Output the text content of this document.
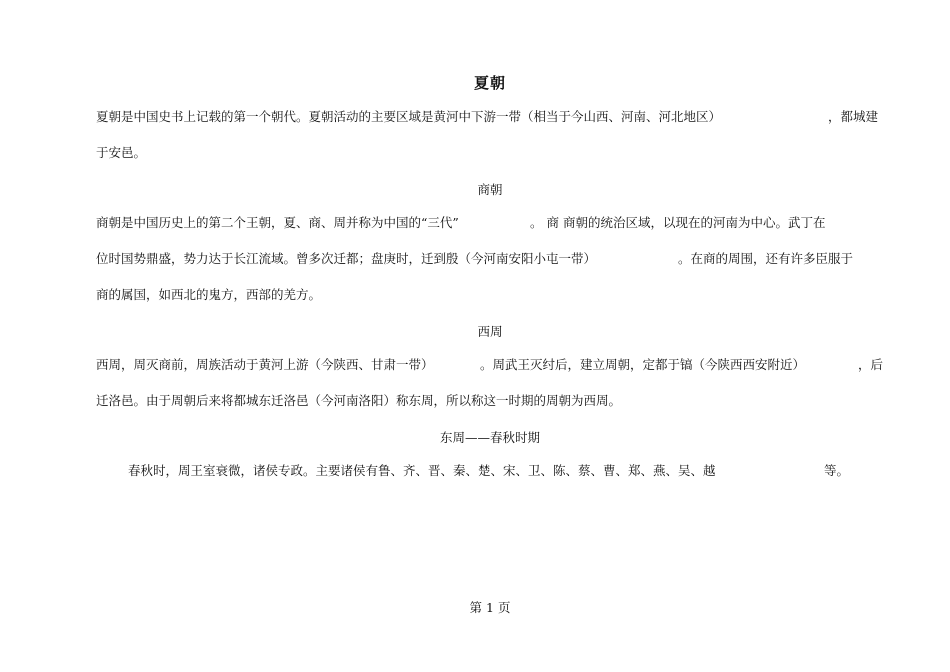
夏朝
夏朝是中国史书上记载的第一个朝代。夏朝活动的主要区域是黄河中下游一带（相当于今山西、河南、河北地区）	，都城建
于安邑。
商朝
商朝是中国历史上的第二个王朝，夏、商、周并称为中国的“三代”	。 商 商朝的统治区域，以现在的河南为中心。武丁在
位时国势鼎盛，势力达于长江流域。曾多次迁都；盘庚时，迁到殷（今河南安阳小屯一带）	。在商的周围，还有许多臣服于
商的属国，如西北的鬼方，西部的羌方。
西周
西周，周灭商前，周族活动于黄河上游（今陕西、甘肃一带）	。周武王灭纣后，建立周朝，定都于镐（今陕西西安附近）	，后
迁洛邑。由于周朝后来将都城东迁洛邑（今河南洛阳）称东周，所以称这一时期的周朝为西周。
东周——春秋时期
春秋时，周王室衰微，诸侯专政。主要诸侯有鲁、齐、晋、秦、楚、宋、卫、陈、蔡、曹、郑、燕、吴、越	等。
第 1 页
